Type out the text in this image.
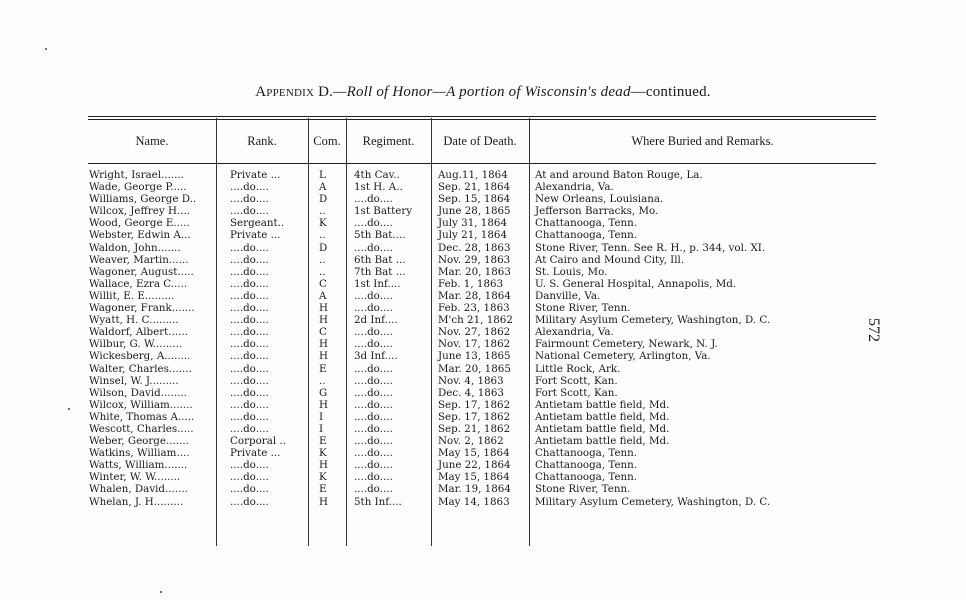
Appendix D.—Roll of Honor—A portion of Wisconsin's dead—continued.
Name.	Rank.	Com.	Regiment.	Date of Death.	Where Buried and Remarks.
Wright, Israel.......	Private ...	L	4th Cav..	Aug.11, 1864	At and around Baton Rouge, La.
Wade, George P.....	....do....	A	1st H. A..	Sep. 21, 1864 Alexandria, Va.
Williams, George D..	....do....	D	....do....	Sep. 15, 1864 New Orleans, Louisiana.
Wilcox, Jeffrey H....	....do....	..	1st Battery	June 28, 1865 Jefferson Barracks, Mo.
Wood, George E.....	Sergeant..	K	....do....	July 31, 1864	Chattanooga, Tenn.
Webster, Edwin A...	Private ...	..	5th Bat....	July 21, 1864	Chattanooga, Tenn.
Waldon, John.......	....do....	D	....do....	Dec. 28, 1863 Stone River, Tenn. See R. H., p. 344, vol. XI.
Weaver, Martin......	....do....	..	6th Bat ...	Nov. 29, 1863 At Cairo and Mound City, Ill.
Wagoner, August.....	....do....	..	7th Bat ...	Mar. 20, 1863 St. Louis, Mo.
Wallace, Ezra C.....	....do....	C	1st Inf....	Feb. 1, 1863	U. S. General Hospital, Annapolis, Md.
Willit, E. E.........	....do....	A	....do....	Mar. 28, 1864 Danville, Va.
Wagoner, Frank.......	....do....	H	....do....	Feb. 23, 1863 Stone River, Tenn.
Wyatt, H. C.........	....do....	H	2d Inf....	M'ch 21, 1862 Military Asylum Cemetery, Washington, D. C.
Waldorf, Albert......	....do....	C	....do....	Nov. 27, 1862 Alexandria, Va.
Wilbur, G. W.........	....do....	H	....do....	Nov. 17, 1862 Fairmount Cemetery, Newark, N. J.
Wickesberg, A........	....do....	H	3d Inf....	June 13, 1865 National Cemetery, Arlington, Va.
Walter, Charles.......	....do....	E	....do....	Mar. 20, 1865 Little Rock, Ark.
Winsel, W. J.........	....do....	..	....do....	Nov. 4, 1863	Fort Scott, Kan.
Wilson, David........	....do....	G	....do....	Dec. 4, 1863	Fort Scott, Kan.
Wilcox, William.......	....do....	H	....do....	Sep. 17, 1862 Antietam battle field, Md.
White, Thomas A.....	....do....	I	....do....	Sep. 17, 1862 Antietam battle field, Md.
Wescott, Charles.....	....do....	I	....do....	Sep. 21, 1862 Antietam battle field, Md.
Weber, George.......	Corporal ..	E	....do....	Nov. 2, 1862	Antietam battle field, Md.
Watkins, William....	Private ...	K	....do....	May 15, 1864 Chattanooga, Tenn.
Watts, William.......	....do....	H	....do....	June 22, 1864 Chattanooga, Tenn.
Winter, W. W........	....do....	K	....do....	May 15, 1864 Chattanooga, Tenn.
Whalen, David.......	....do....	E	....do....	Mar. 19, 1864 Stone River, Tenn.
Whelan, J. H.........	....do....	H	5th Inf....	May 14, 1863 Military Asylum Cemetery, Washington, D. C.
572
